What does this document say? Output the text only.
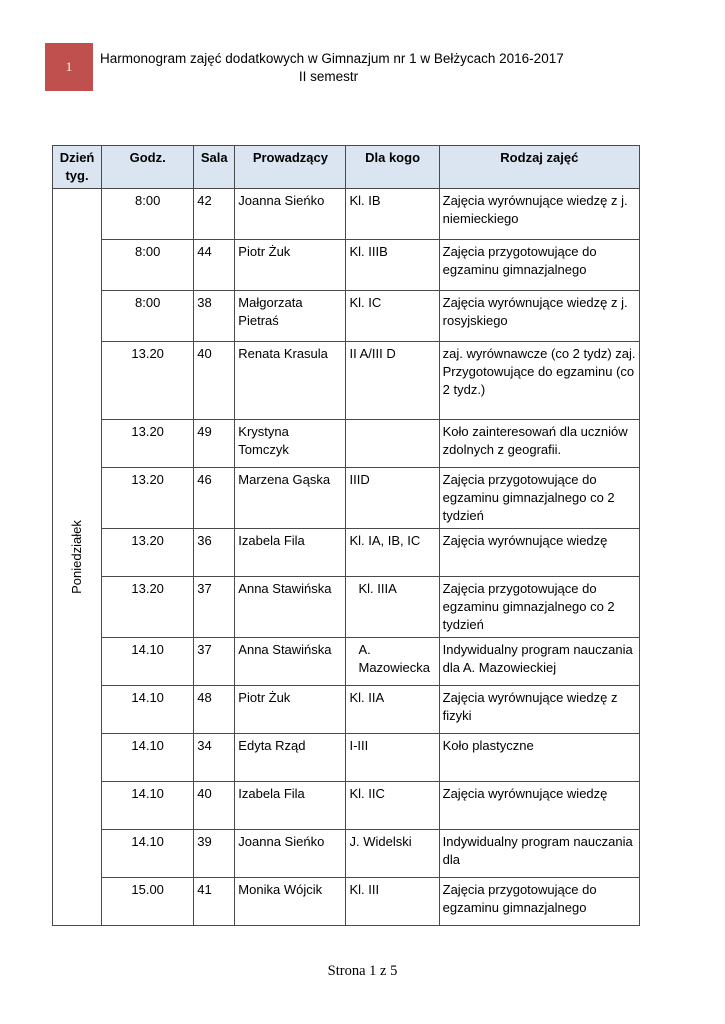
1
Harmonogram zajęć dodatkowych w Gimnazjum nr 1 w Bełżycach 2016-2017
II semestr
Dzień tyg.	Godz.	Sala	Prowadzący	Dla kogo	Rodzaj zajęć

Poniedziałek	8:00	42	Joanna Sieńko	Kl. IB	Zajęcia wyrównujące wiedzę z j. niemieckiego
	8:00	44	Piotr Żuk	Kl. IIIB	Zajęcia przygotowujące do egzaminu gimnazjalnego
	8:00	38	Małgorzata Pietraś	Kl. IC	Zajęcia wyrównujące wiedzę z j. rosyjskiego
	13.20	40	Renata Krasula	II A/III D	zaj. wyrównawcze (co 2 tydz) zaj. Przygotowujące do egzaminu (co 2 tydz.)
	13.20	49	Krystyna Tomczyk		Koło zainteresowań dla uczniów zdolnych z geografii.
	13.20	46	Marzena Gąska	IIID	Zajęcia przygotowujące do egzaminu gimnazjalnego co 2 tydzień
	13.20	36	Izabela Fila	Kl. IA, IB, IC	Zajęcia wyrównujące wiedzę
	13.20	37	Anna Stawińska	Kl. IIIA	Zajęcia przygotowujące do egzaminu gimnazjalnego co 2 tydzień
	14.10	37	Anna Stawińska	A. Mazowiecka	Indywidualny program nauczania dla A. Mazowieckiej
	14.10	48	Piotr Żuk	Kl. IIA	Zajęcia wyrównujące wiedzę z fizyki
	14.10	34	Edyta Rząd	I-III	Koło plastyczne
	14.10	40	Izabela Fila	Kl. IIC	Zajęcia wyrównujące wiedzę
	14.10	39	Joanna Sieńko	J. Widelski	Indywidualny program nauczania dla
	15.00	41	Monika Wójcik	Kl. III	Zajęcia przygotowujące do egzaminu gimnazjalnego
Strona 1 z 5
